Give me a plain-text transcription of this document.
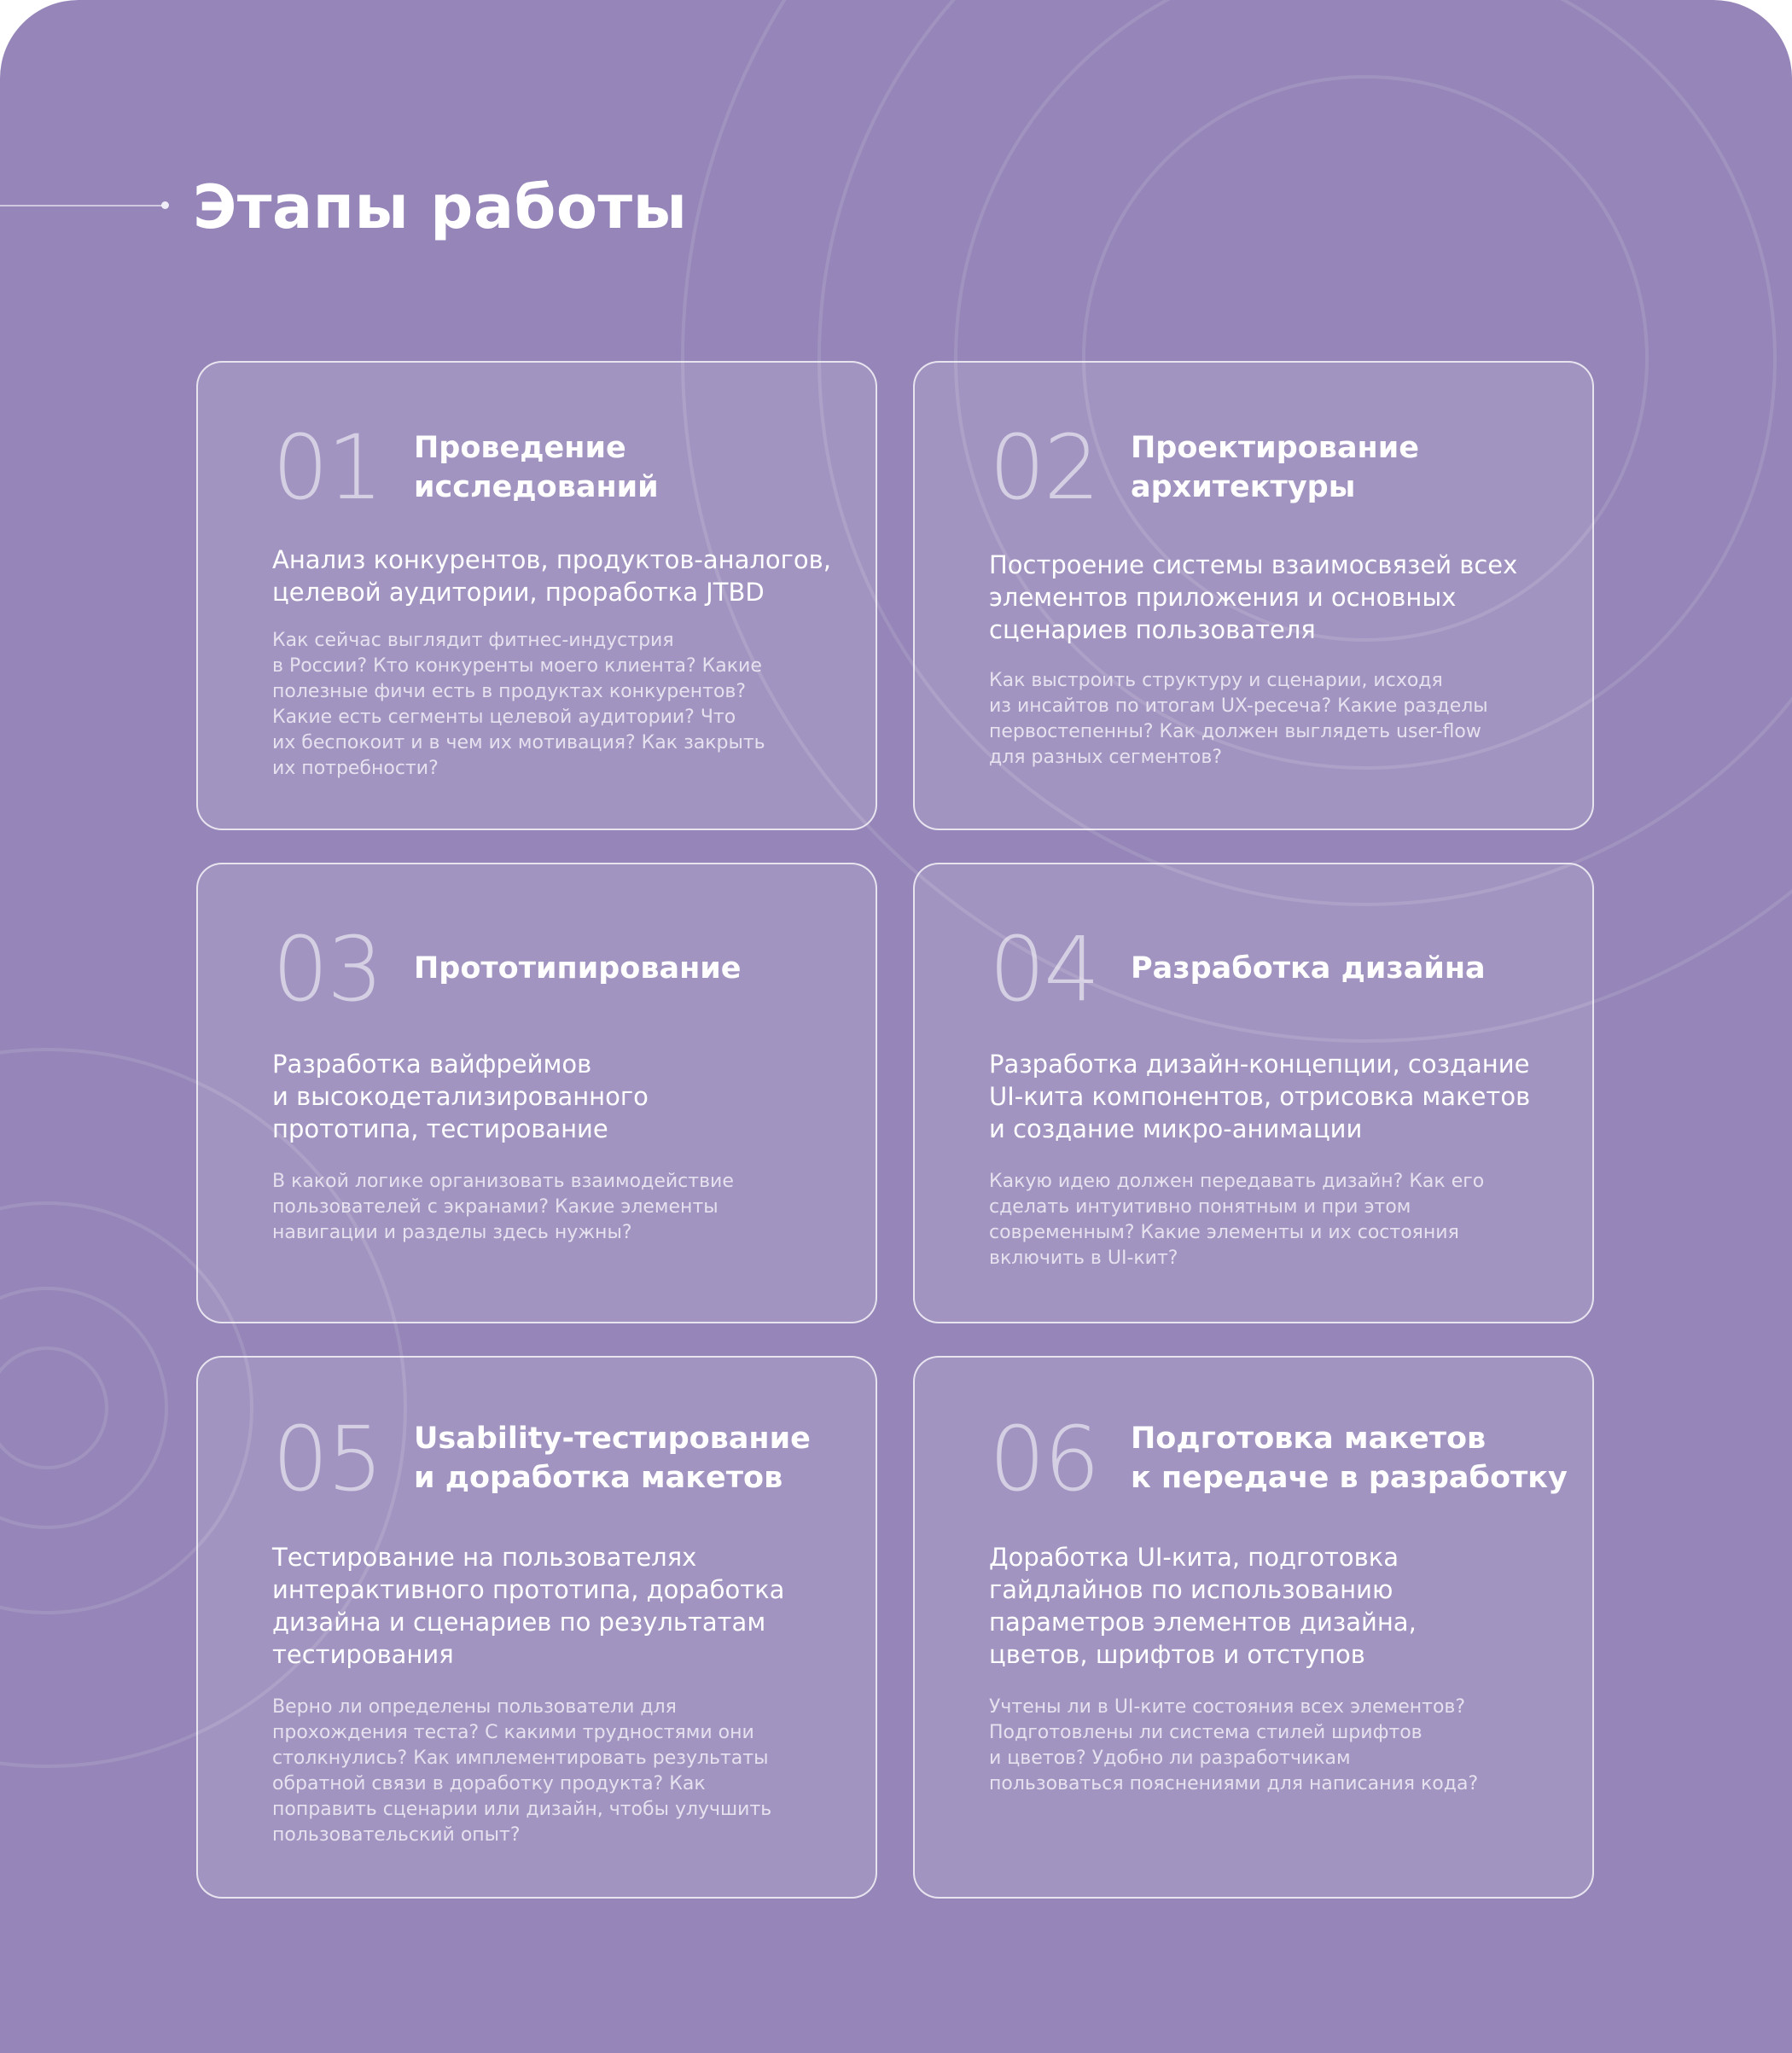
Этапы работы
01 Проведение
исследований

Анализ конкурентов, продуктов-аналогов,
целевой аудитории, проработка JTBD

Как сейчас выглядит фитнес-индустрия
в России? Кто конкуренты моего клиента? Какие
полезные фичи есть в продуктах конкурентов?
Какие есть сегменты целевой аудитории? Что
их беспокоит и в чем их мотивация? Как закрыть
их потребности?

02 Проектирование
архитектуры

Построение системы взаимосвязей всех
элементов приложения и основных
сценариев пользователя

Как выстроить структуру и сценарии, исходя
из инсайтов по итогам UX-ресеча? Какие разделы
первостепенны? Как должен выглядеть user-flow
для разных сегментов?

03 Прототипирование

Разработка вайфреймов
и высокодетализированного
прототипа, тестирование

В какой логике организовать взаимодействие
пользователей с экранами? Какие элементы
навигации и разделы здесь нужны?

04 Разработка дизайна

Разработка дизайн-концепции, создание
UI-кита компонентов, отрисовка макетов
и создание микро-анимации

Какую идею должен передавать дизайн? Как его
сделать интуитивно понятным и при этом
современным? Какие элементы и их состояния
включить в UI-кит?

05 Usability-тестирование
и доработка макетов

Тестирование на пользователях
интерактивного прототипа, доработка
дизайна и сценариев по результатам
тестирования

Верно ли определены пользователи для
прохождения теста? С какими трудностями они
столкнулись? Как имплементировать результаты
обратной связи в доработку продукта? Как
поправить сценарии или дизайн, чтобы улучшить
пользовательский опыт?

06 Подготовка макетов
к передаче в разработку

Доработка UI-кита, подготовка
гайдлайнов по использованию
параметров элементов дизайна,
цветов, шрифтов и отступов

Учтены ли в UI-ките состояния всех элементов?
Подготовлены ли система стилей шрифтов
и цветов? Удобно ли разработчикам
пользоваться пояснениями для написания кода?
